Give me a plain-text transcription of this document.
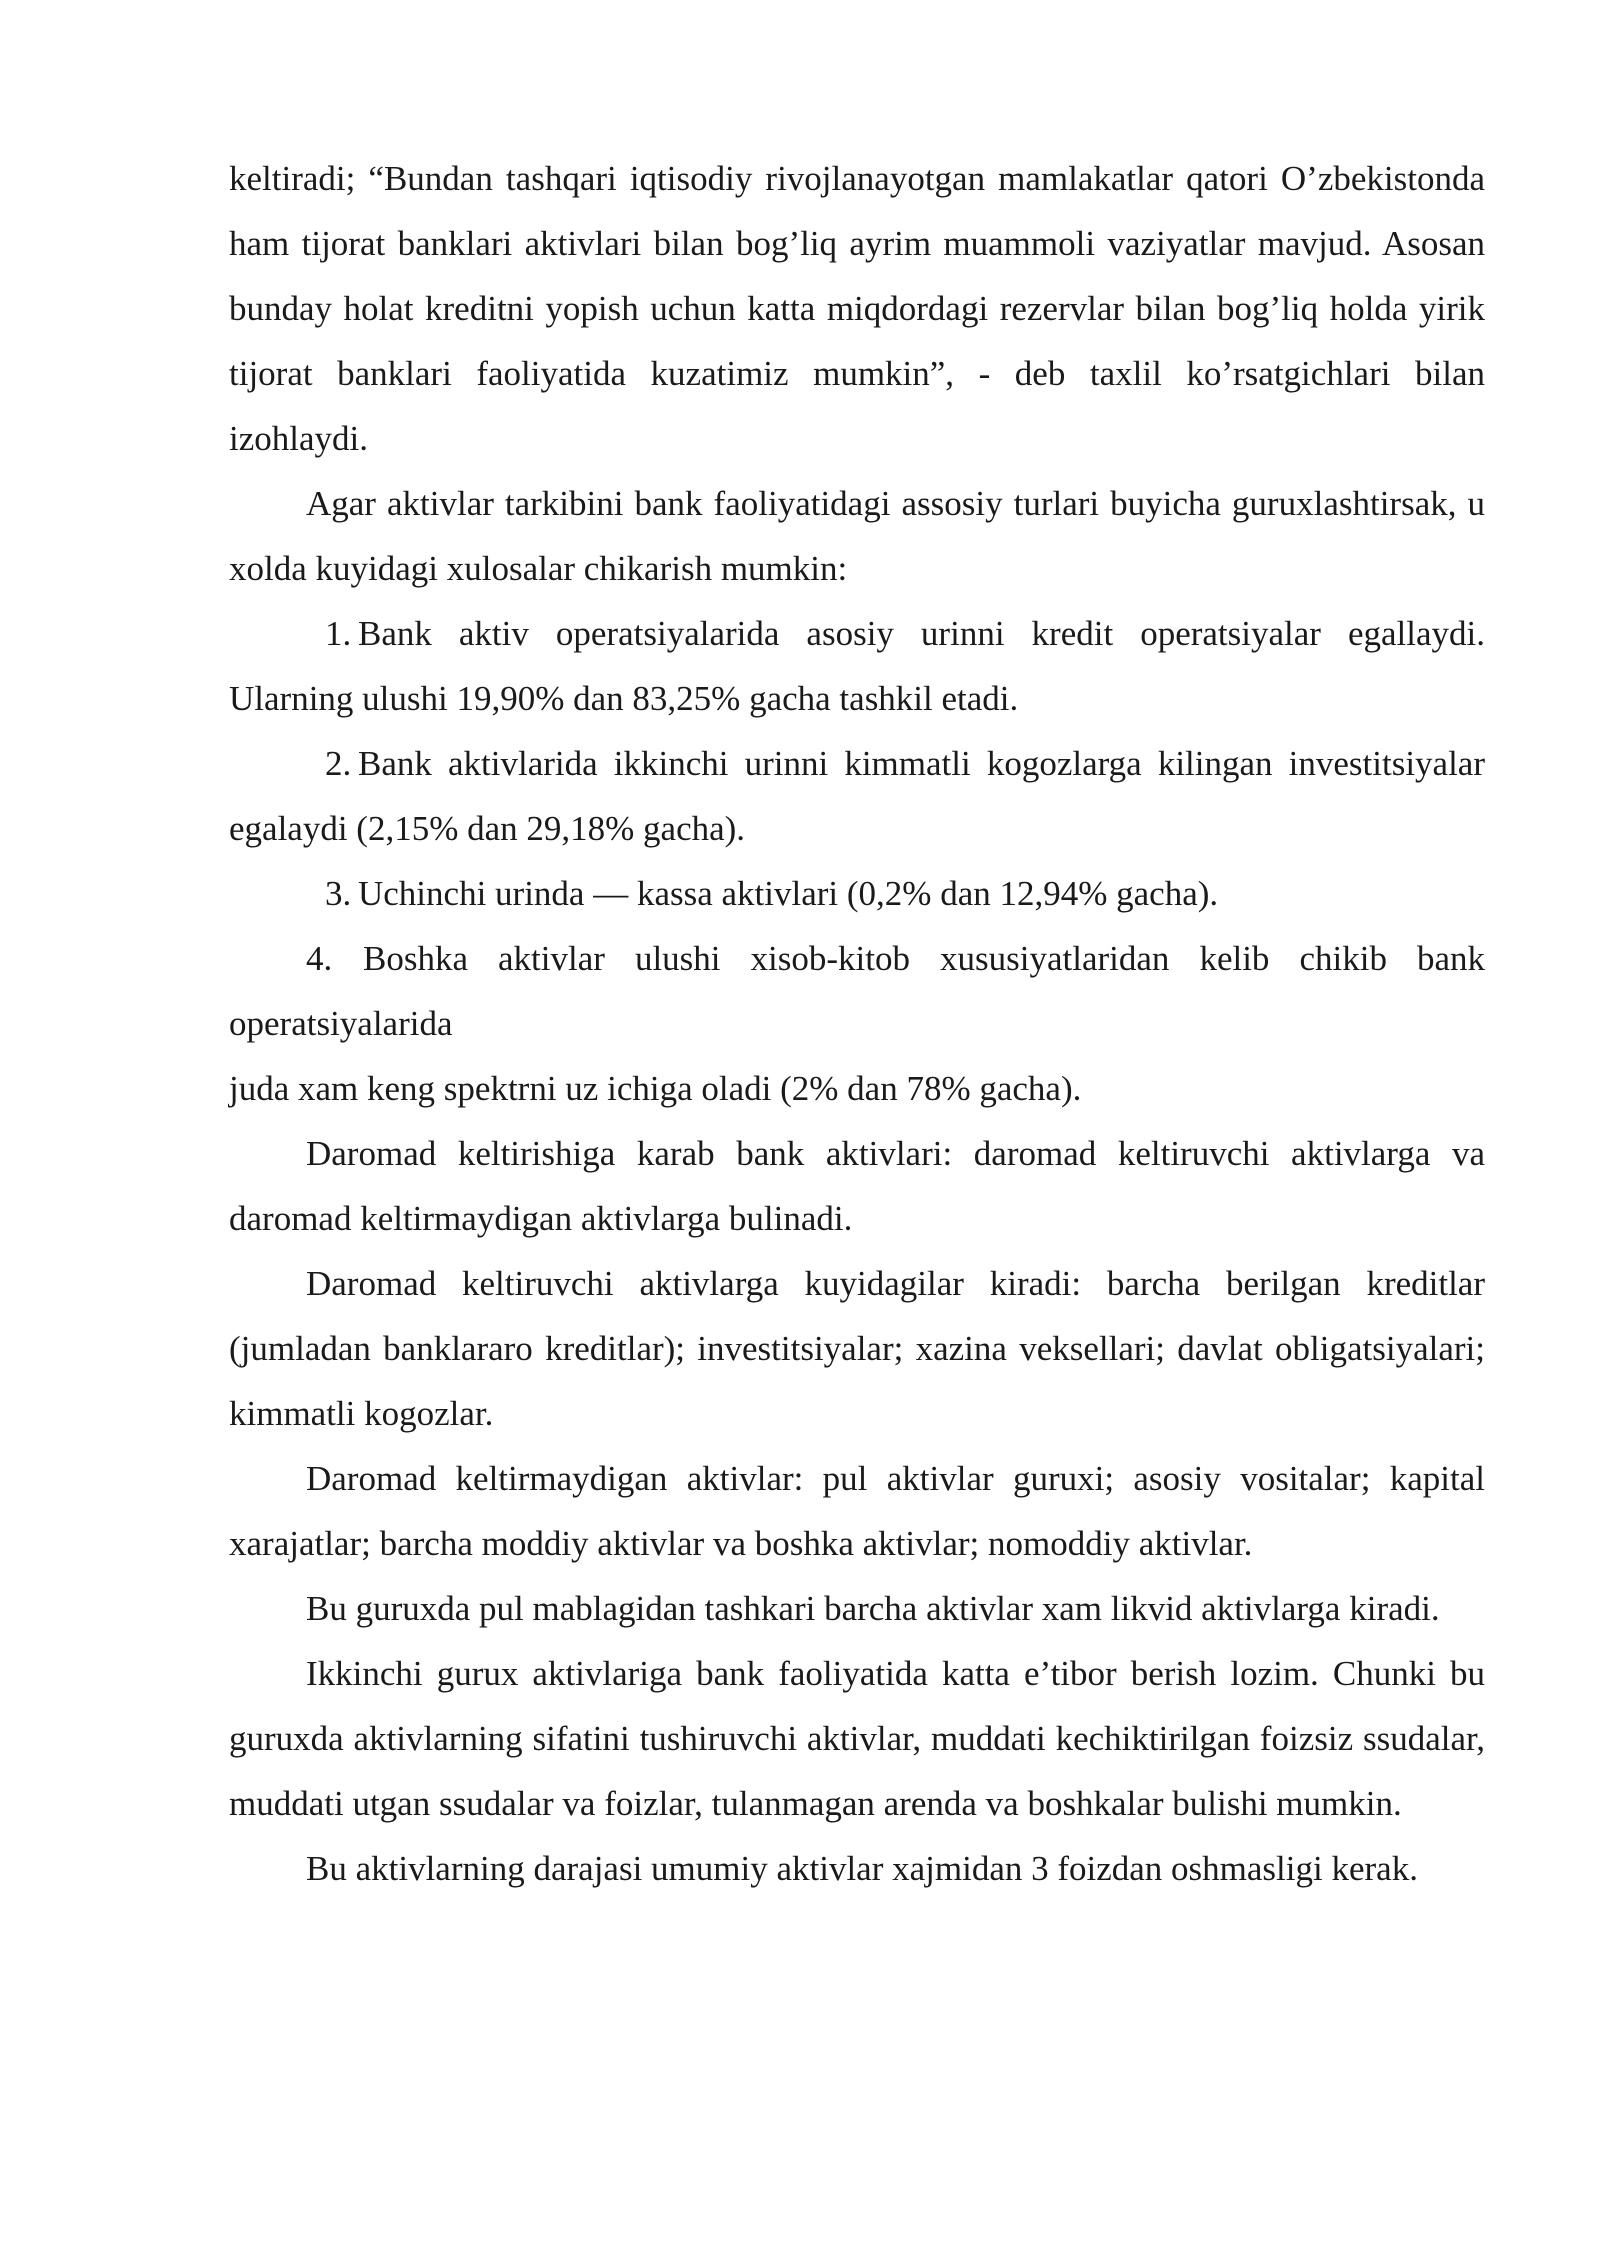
keltiradi; “Bundan tashqari iqtisodiy rivojlanayotgan mamlakatlar qatori O’zbekistonda ham tijorat banklari aktivlari bilan bog’liq ayrim muammoli vaziyatlar mavjud. Asosan bunday holat kreditni yopish uchun katta miqdordagi rezervlar bilan bog’liq holda yirik tijorat banklari faoliyatida kuzatimiz mumkin”, - deb taxlil ko’rsatgichlari bilan izohlaydi.

Agar aktivlar tarkibini bank faoliyatidagi assosiy turlari buyicha guruxlashtirsak, u xolda kuyidagi xulosalar chikarish mumkin:

1. Bank aktiv operatsiyalarida asosiy urinni kredit operatsiyalar egallaydi. Ularning ulushi 19,90% dan 83,25% gacha tashkil etadi.

2. Bank aktivlarida ikkinchi urinni kimmatli kogozlarga kilingan investitsiyalar egalaydi (2,15% dan 29,18% gacha).

3. Uchinchi urinda — kassa aktivlari (0,2% dan 12,94% gacha).

4. Boshka aktivlar ulushi xisob-kitob xususiyatlaridan kelib chikib bank operatsiyalarida

juda xam keng spektrni uz ichiga oladi (2% dan 78% gacha).

Daromad keltirishiga karab bank aktivlari: daromad keltiruvchi aktivlarga va daromad keltirmaydigan aktivlarga bulinadi.

Daromad keltiruvchi aktivlarga kuyidagilar kiradi: barcha berilgan kreditlar (jumladan banklararo kreditlar); investitsiyalar; xazina veksellari; davlat obligatsiyalari; kimmatli kogozlar.

Daromad keltirmaydigan aktivlar: pul aktivlar guruxi; asosiy vositalar; kapital xarajatlar; barcha moddiy aktivlar va boshka aktivlar; nomoddiy aktivlar.

Bu guruxda pul mablagidan tashkari barcha aktivlar xam likvid aktivlarga kiradi.

Ikkinchi gurux aktivlariga bank faoliyatida katta e’tibor berish lozim. Chunki bu guruxda aktivlarning sifatini tushiruvchi aktivlar, muddati kechiktirilgan foizsiz ssudalar, muddati utgan ssudalar va foizlar, tulanmagan arenda va boshkalar bulishi mumkin.

Bu aktivlarning darajasi umumiy aktivlar xajmidan 3 foizdan oshmasligi kerak.
